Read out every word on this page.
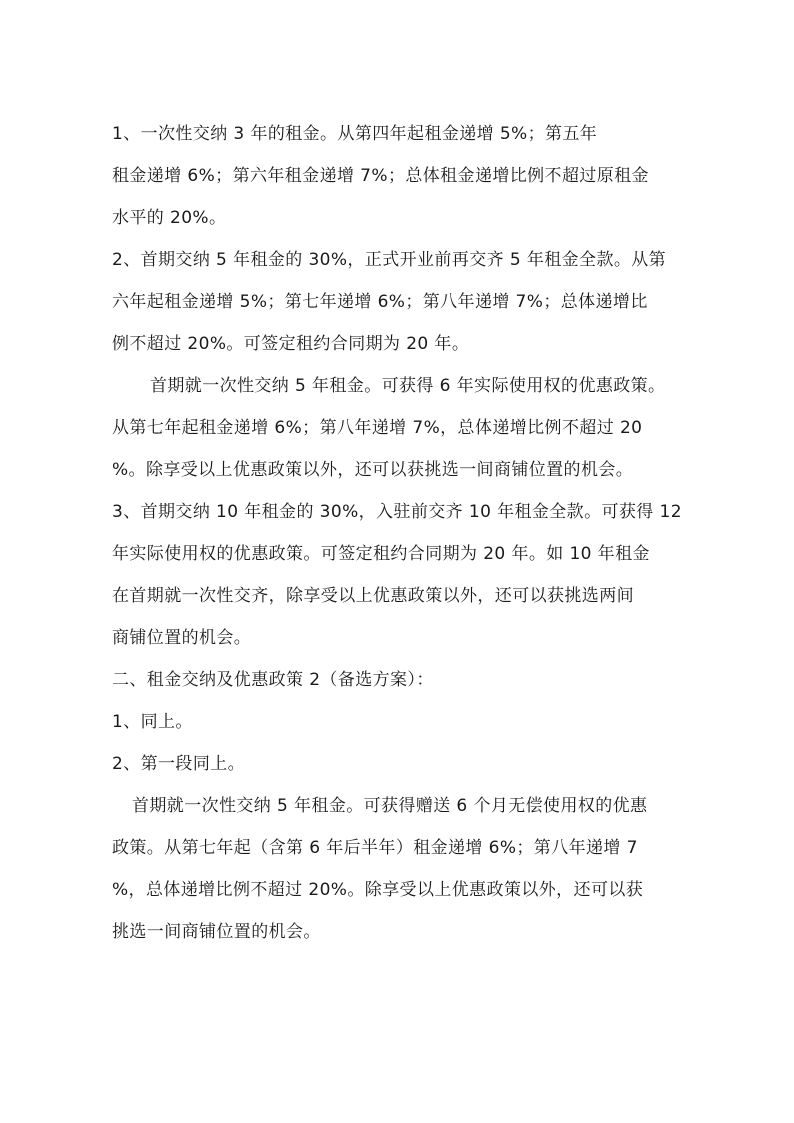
1、一次性交纳 3 年的租金。从第四年起租金递增 5%；第五年

租金递增 6%；第六年租金递增 7%；总体租金递增比例不超过原租金

水平的 20%。

2、首期交纳 5 年租金的 30%，正式开业前再交齐 5 年租金全款。从第

六年起租金递增 5%；第七年递增 6%；第八年递增 7%；总体递增比

例不超过 20%。可签定租约合同期为 20 年。

首期就一次性交纳 5 年租金。可获得 6 年实际使用权的优惠政策。

从第七年起租金递增 6%；第八年递增 7%，总体递增比例不超过 20

%。除享受以上优惠政策以外，还可以获挑选一间商铺位置的机会。

3、首期交纳 10 年租金的 30%，入驻前交齐 10 年租金全款。可获得 12

年实际使用权的优惠政策。可签定租约合同期为 20 年。如 10 年租金

在首期就一次性交齐，除享受以上优惠政策以外，还可以获挑选两间

商铺位置的机会。

二、租金交纳及优惠政策 2（备选方案）：

1、同上。

2、第一段同上。

首期就一次性交纳 5 年租金。可获得赠送 6 个月无偿使用权的优惠

政策。从第七年起（含第 6 年后半年）租金递增 6%；第八年递增 7

%，总体递增比例不超过 20%。除享受以上优惠政策以外，还可以获

挑选一间商铺位置的机会。
